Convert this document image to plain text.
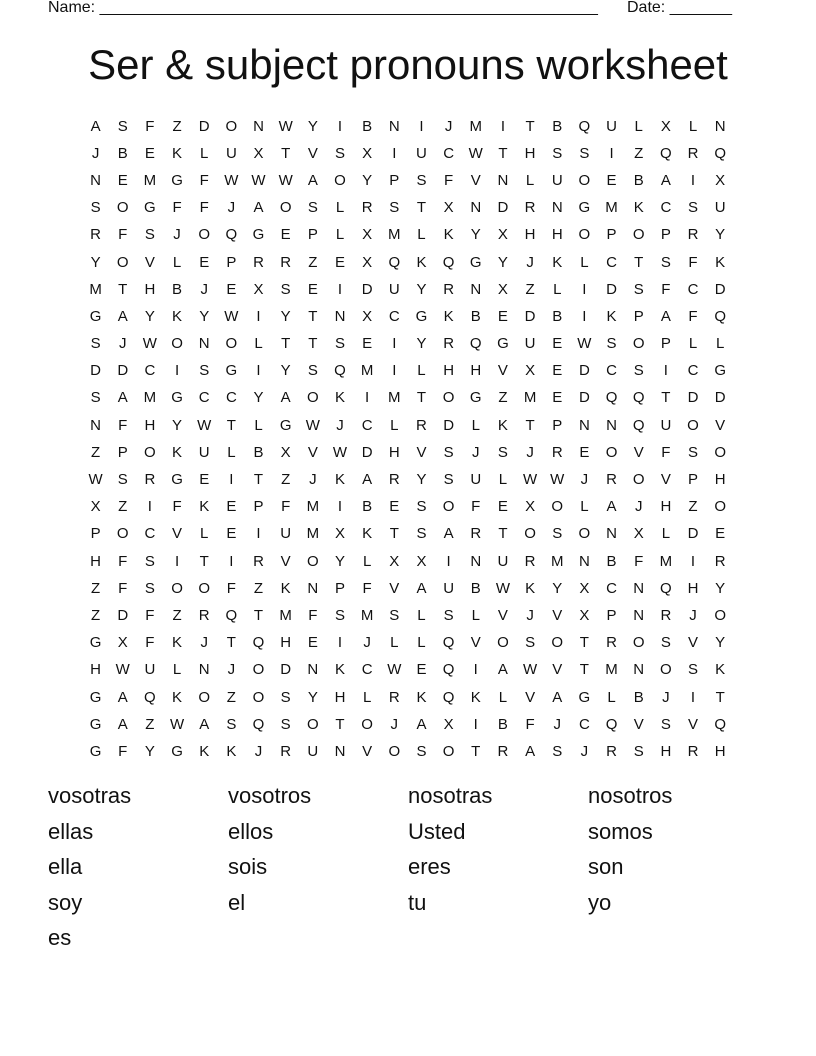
Name: ________________________________________________________ Date: _______
Ser & subject pronouns worksheet
A	S	F	Z	D	O	N W	Y	I	B	N	I	J	M	I	T	B	Q	U	L	X	L	N
J	B	E	K	L	U	X	T	V	S	X	I	U	C W	T	H	S	S	I	Z	Q	R	Q
N	E	M	G	F	W W W	A	O	Y	P	S	F	V	N	L	U	O	E	B	A	I	X
S	O	G	F	F	J	A	O	S	L	R	S	T	X	N	D	R	N	G	M	K	C	S	U
R	F	S	J	O	Q	G	E	P	L	X	M	L	K	Y	X	H	H	O	P	O	P	R	Y
Y	O	V	L	E	P	R	R	Z	E	X	Q	K	Q	G	Y	J	K	L	C	T	S	F	K
M	T	H	B	J	E	X	S	E	I	D	U	Y	R	N	X	Z	L	I	D	S	F	C	D
G	A	Y	K	Y	W	I	Y	T	N	X	C	G	K	B	E	D	B	I	K	P	A	F	Q
S	J	W O	N	O	L	T	T	S	E	I	Y	R	Q	G	U	E	W	S	O	P	L	L
D	D	C	I	S	G	I	Y	S	Q	M	I	L	H	H	V	X	E	D	C	S	I	C	G
S	A	M	G	C	C	Y	A	O	K	I	M	T	O	G	Z	M	E	D	Q	Q	T	D	D
N	F	H	Y	W	T	L	G W	J	C	L	R	D	L	K	T	P	N	N	Q	U	O	V
Z	P	O	K	U	L	B	X	V	W D	H	V	S	J	S	J	R	E	O	V	F	S	O
W	S	R	G	E	I	T	Z	J	K	A	R	Y	S	U	L	W W	J	R	O	V	P	H
X	Z	I	F	K	E	P	F	M	I	B	E	S	O	F	E	X	O	L	A	J	H	Z	O
P	O	C	V	L	E	I	U	M	X	K	T	S	A	R	T	O	S	O	N	X	L	D	E
H	F	S	I	T	I	R	V	O	Y	L	X	X	I	N	U	R	M	N	B	F	M	I	R
Z	F	S	O	O	F	Z	K	N	P	F	V	A	U	B	W	K	Y	X	C	N	Q	H	Y
Z	D	F	Z	R	Q	T	M	F	S	M	S	L	S	L	V	J	V	X	P	N	R	J	O
G	X	F	K	J	T	Q	H	E	I	J	L	L	Q	V	O	S	O	T	R	O	S	V	Y
H W U	L	N	J	O	D	N	K	C W	E	Q	I	A	W	V	T	M	N	O	S	K
G	A	Q	K	O	Z	O	S	Y	H	L	R	K	Q	K	L	V	A	G	L	B	J	I	T
G	A	Z	W	A	S	Q	S	O	T	O	J	A	X	I	B	F	J	C	Q	V	S	V	Q
G	F	Y	G	K	K	J	R	U	N	V	O	S	O	T	R	A	S	J	R	S	H	R	H
vosotras	vosotros	nosotras	nosotros
ellas	ellos	Usted	somos
ella	sois	eres	son
soy	el	tu	yo
es
